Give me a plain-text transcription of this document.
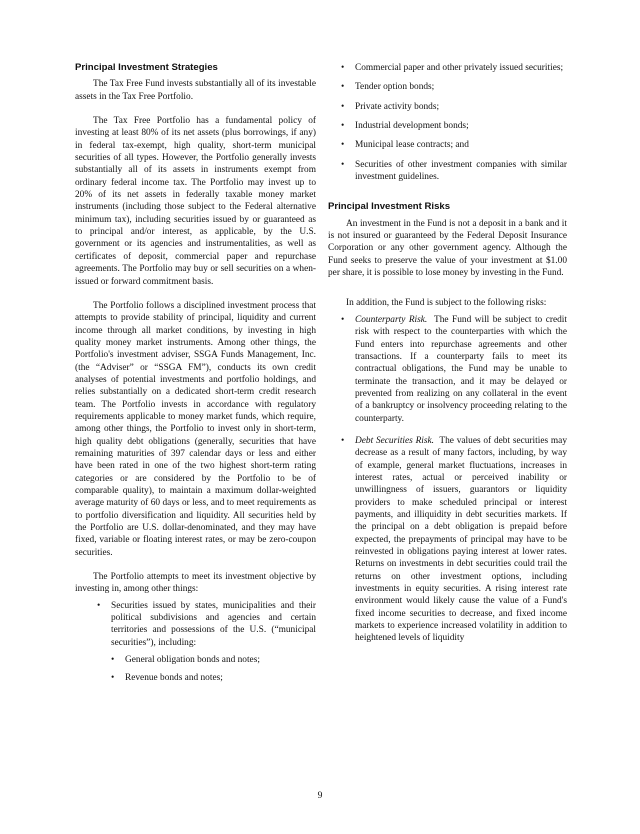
Principal Investment Strategies

The Tax Free Fund invests substantially all of its investable assets in the Tax Free Portfolio.

The Tax Free Portfolio has a fundamental policy of investing at least 80% of its net assets (plus borrowings, if any) in federal tax-exempt, high quality, short-term municipal securities of all types. However, the Portfolio generally invests substantially all of its assets in instruments exempt from ordinary federal income tax. The Portfolio may invest up to 20% of its net assets in federally taxable money market instruments (including those subject to the Federal alternative minimum tax), including securities issued by or guaranteed as to principal and/or interest, as applicable, by the U.S. government or its agencies and instrumentalities, as well as certificates of deposit, commercial paper and repurchase agreements. The Portfolio may buy or sell securities on a when-issued or forward commitment basis.

The Portfolio follows a disciplined investment process that attempts to provide stability of principal, liquidity and current income through all market conditions, by investing in high quality money market instruments. Among other things, the Portfolio's investment adviser, SSGA Funds Management, Inc. (the “Adviser” or “SSGA FM”), conducts its own credit analyses of potential investments and portfolio holdings, and relies substantially on a dedicated short-term credit research team. The Portfolio invests in accordance with regulatory requirements applicable to money market funds, which require, among other things, the Portfolio to invest only in short-term, high quality debt obligations (generally, securities that have remaining maturities of 397 calendar days or less and either have been rated in one of the two highest short-term rating categories or are considered by the Portfolio to be of comparable quality), to maintain a maximum dollar-weighted average maturity of 60 days or less, and to meet requirements as to portfolio diversification and liquidity. All securities held by the Portfolio are U.S. dollar-denominated, and they may have fixed, variable or floating interest rates, or may be zero-coupon securities.

The Portfolio attempts to meet its investment objective by investing in, among other things:

• Securities issued by states, municipalities and their political subdivisions and agencies and certain territories and possessions of the U.S. (“municipal securities”), including:
• General obligation bonds and notes;
• Revenue bonds and notes;
• Commercial paper and other privately issued securities;
• Tender option bonds;
• Private activity bonds;
• Industrial development bonds;
• Municipal lease contracts; and
• Securities of other investment companies with similar investment guidelines.
Principal Investment Risks

An investment in the Fund is not a deposit in a bank and it is not insured or guaranteed by the Federal Deposit Insurance Corporation or any other government agency. Although the Fund seeks to preserve the value of your investment at $1.00 per share, it is possible to lose money by investing in the Fund.

In addition, the Fund is subject to the following risks:

• Counterparty Risk. The Fund will be subject to credit risk with respect to the counterparties with which the Fund enters into repurchase agreements and other transactions. If a counterparty fails to meet its contractual obligations, the Fund may be unable to terminate the transaction, and it may be delayed or prevented from realizing on any collateral in the event of a bankruptcy or insolvency proceeding relating to the counterparty.
• Debt Securities Risk. The values of debt securities may decrease as a result of many factors, including, by way of example, general market fluctuations, increases in interest rates, actual or perceived inability or unwillingness of issuers, guarantors or liquidity providers to make scheduled principal or interest payments, and illiquidity in debt securities markets. If the principal on a debt obligation is prepaid before expected, the prepayments of principal may have to be reinvested in obligations paying interest at lower rates. Returns on investments in debt securities could trail the returns on other investment options, including investments in equity securities. A rising interest rate environment would likely cause the value of a Fund's fixed income securities to decrease, and fixed income markets to experience increased volatility in addition to heightened levels of liquidity
9
